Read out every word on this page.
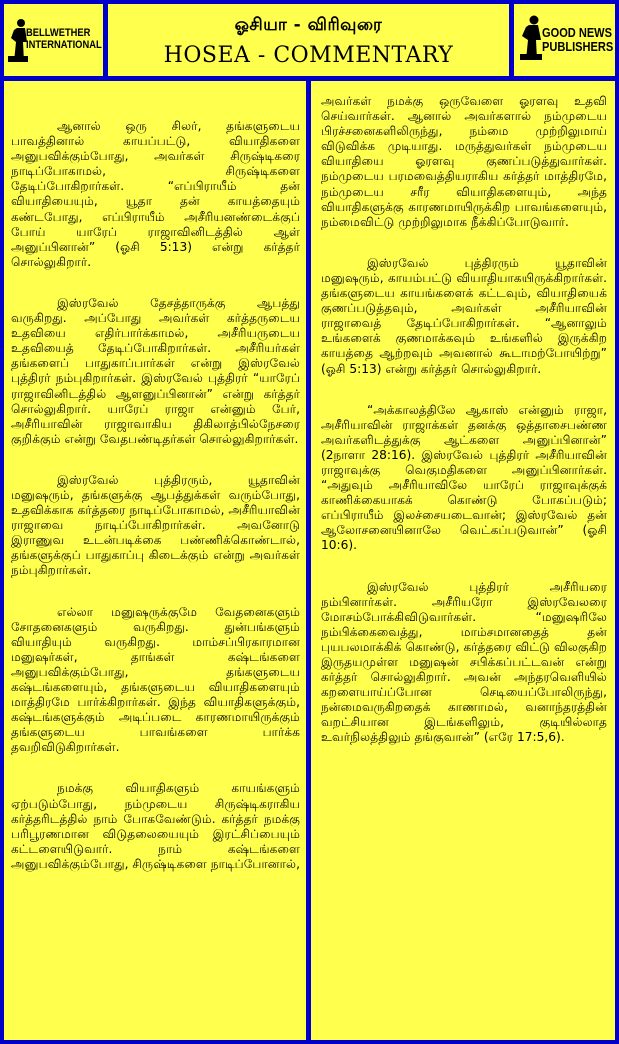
BELLWETHER
INTERNATIONAL
ஓசியா - விரிவுரை
HOSEA - COMMENTARY
GOOD NEWS
PUBLISHERS

ஆனால் ஒரு சிலர், தங்களுடைய பாவத்தினால் காயப்பட்டு, வியாதிகளை அனுபவிக்கும்போது, அவர்கள் சிருஷ்டிகரை நாடிப்போகாமல், சிருஷ்டிகளை தேடிப்போகிறார்கள். “எப்பிராயீம் தன் வியாதியையும், யூதா தன் காயத்தையும் கண்டபோது, எப்பிராயீம் அசீரியனண்டைக்குப் போய் யாரேப் ராஜாவினிடத்தில் ஆள் அனுப்பினான்” (ஓசி 5:13) என்று கர்த்தர் சொல்லுகிறார்.

இஸ்ரவேல் தேசத்தாருக்கு ஆபத்து வருகிறது. அப்போது அவர்கள் கர்த்தருடைய உதவியை எதிர்பார்க்காமல், அசீரியருடைய உதவியைத் தேடிப்போகிறார்கள். அசீரியர்கள் தங்களைப் பாதுகாப்பார்கள் என்று இஸ்ரவேல் புத்திரர் நம்புகிறார்கள். இஸ்ரவேல் புத்திரர் “யாரேப் ராஜாவினிடத்தில் ஆளனுப்பினான்” என்று கர்த்தர் சொல்லுகிறார். யாரேப் ராஜா என்னும் பேர், அசீரியாவின் ராஜாவாகிய திகிலாத்பில்நேசரை குறிக்கும் என்று வேதபண்டிதர்கள் சொல்லுகிறார்கள்.

இஸ்ரவேல் புத்திரரும், யூதாவின் மனுஷரும், தங்களுக்கு ஆபத்துக்கள் வரும்போது, உதவிக்காக கர்த்தரை நாடிப்போகாமல், அசீரியாவின் ராஜாவை நாடிப்போகிறார்கள். அவனோடு இராணுவ உடன்படிக்கை பண்ணிக்கொண்டால், தங்களுக்குப் பாதுகாப்பு கிடைக்கும் என்று அவர்கள் நம்புகிறார்கள்.

எல்லா மனுஷருக்குமே வேதனைகளும் சோதனைகளும் வருகிறது. துன்பங்களும் வியாதியும் வருகிறது. மாம்சப்பிரகாரமான மனுஷர்கள், தாங்கள் கஷ்டங்களை அனுபவிக்கும்போது, தங்களுடைய கஷ்டங்களையும், தங்களுடைய வியாதிகளையும் மாத்திரமே பார்க்கிறார்கள். இந்த வியாதிகளுக்கும், கஷ்டங்களுக்கும் அடிப்படை காரணமாயிருக்கும் தங்களுடைய பாவங்களை பார்க்க தவறிவிடுகிறார்கள்.

நமக்கு வியாதிகளும் காயங்களும் ஏற்படும்போது, நம்முடைய சிருஷ்டிகராகிய கர்த்தரிடத்தில் நாம் போகவேண்டும். கர்த்தர் நமக்கு பரிபூரணமான விடுதலையையும் இரட்சிப்பையும் கட்டளையிடுவார். நாம் கஷ்டங்களை அனுபவிக்கும்போது, சிருஷ்டிகளை நாடிப்போனால்,

அவர்கள் நமக்கு ஒருவேளை ஓரளவு உதவி செய்வார்கள். ஆனால் அவர்களால் நம்முடைய பிரச்சனைகளிலிருந்து, நம்மை முற்றிலுமாய் விடுவிக்க முடியாது. மருத்துவர்கள் நம்முடைய வியாதியை ஓரளவு குணப்படுத்துவார்கள். நம்முடைய பரமவைத்தியராகிய கர்த்தர் மாத்திரமே, நம்முடைய சரீர வியாதிகளையும், அந்த வியாதிகளுக்கு காரணமாயிருக்கிற பாவங்களையும், நம்மைவிட்டு முற்றிலுமாக நீக்கிப்போடுவார்.

இஸ்ரவேல் புத்திரரும் யூதாவின் மனுஷரும், காயம்பட்டு வியாதியாகயிருக்கிறார்கள். தங்களுடைய காயங்களைக் கட்டவும், வியாதியைக் குணப்படுத்தவும், அவர்கள் அசீரியாவின் ராஜாவைத் தேடிப்போகிறார்கள். “ஆனாலும் உங்களைக் குணமாக்கவும் உங்களில் இருக்கிற காயத்தை ஆற்றவும் அவனால் கூடாமற்போயிற்று” (ஓசி 5:13) என்று கர்த்தர் சொல்லுகிறார்.

“அக்காலத்திலே ஆகாஸ் என்னும் ராஜா, அசீரியாவின் ராஜாக்கள் தனக்கு ஒத்தாசைபண்ண அவர்களிடத்துக்கு ஆட்களை அனுப்பினான்” (2நாளா 28:16). இஸ்ரவேல் புத்திரர் அசீரியாவின் ராஜாவுக்கு வெகுமதிகளை அனுப்பினார்கள். “அதுவும் அசீரியாவிலே யாரேப் ராஜாவுக்குக் காணிக்கையாகக் கொண்டு போகப்படும்; எப்பிராயீம் இலச்சையடைவான்; இஸ்ரவேல் தன் ஆலோசனையினாலே வெட்கப்படுவான்” (ஓசி 10:6).

இஸ்ரவேல் புத்திரர் அசீரியரை நம்பினார்கள். அசீரியரோ இஸ்ரவேலரை மோசம்போக்கிவிடுவார்கள். “மனுஷரிலே நம்பிக்கைவைத்து, மாம்சமானதைத் தன் புயபலமாக்கிக் கொண்டு, கர்த்தரை விட்டு விலகுகிற இருதயமுள்ள மனுஷன் சபிக்கப்பட்டவன் என்று கர்த்தர் சொல்லுகிறார். அவன் அந்தரவெளியில் கறளையாய்ப்போன செடியைப்போலிருந்து, நன்மைவருகிறதைக் காணாமல், வனாந்தரத்தின் வறட்சியான இடங்களிலும், குடியில்லாத உவர்நிலத்திலும் தங்குவான்” (எரே 17:5,6).
